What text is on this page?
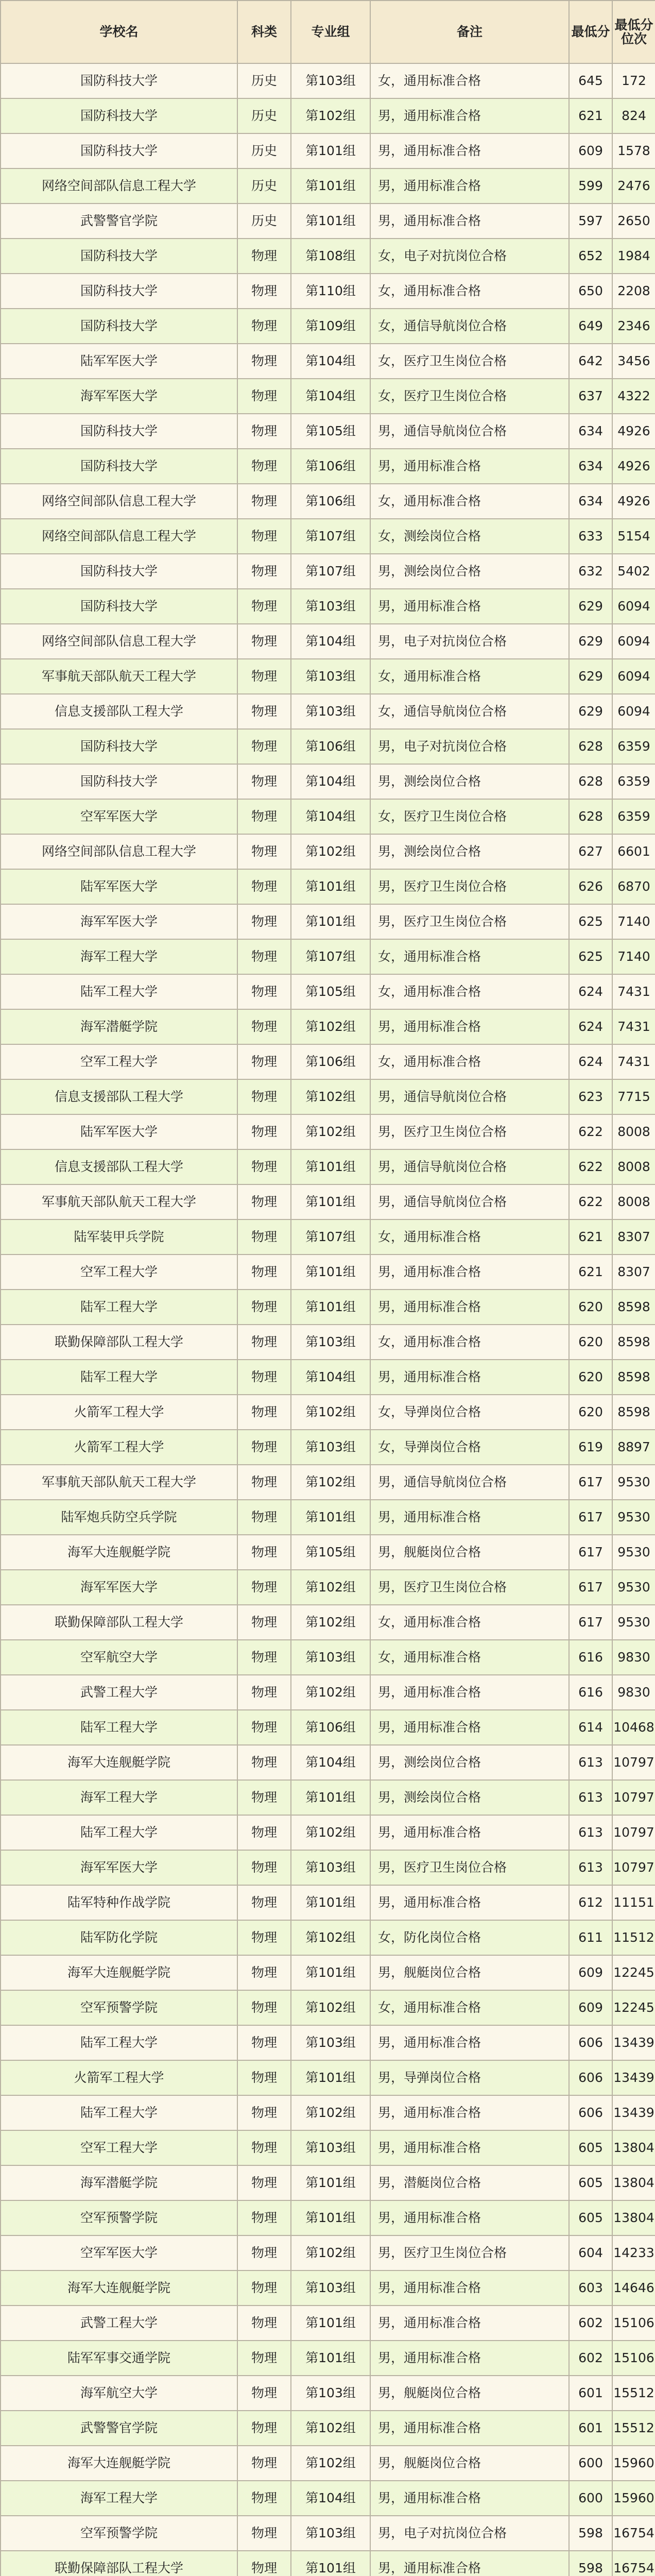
学校名	科类	专业组	备注	最低分	最低分位次
国防科技大学	历史	第103组	女，通用标准合格	645	172
国防科技大学	历史	第102组	男，通用标准合格	621	824
国防科技大学	历史	第101组	男，通用标准合格	609	1578
网络空间部队信息工程大学	历史	第101组	男，通用标准合格	599	2476
武警警官学院	历史	第101组	男，通用标准合格	597	2650
国防科技大学	物理	第108组	女，电子对抗岗位合格	652	1984
国防科技大学	物理	第110组	女，通用标准合格	650	2208
国防科技大学	物理	第109组	女，通信导航岗位合格	649	2346
陆军军医大学	物理	第104组	女，医疗卫生岗位合格	642	3456
海军军医大学	物理	第104组	女，医疗卫生岗位合格	637	4322
国防科技大学	物理	第105组	男，通信导航岗位合格	634	4926
国防科技大学	物理	第106组	男，通用标准合格	634	4926
网络空间部队信息工程大学	物理	第106组	女，通用标准合格	634	4926
网络空间部队信息工程大学	物理	第107组	女，测绘岗位合格	633	5154
国防科技大学	物理	第107组	男，测绘岗位合格	632	5402
国防科技大学	物理	第103组	男，通用标准合格	629	6094
网络空间部队信息工程大学	物理	第104组	男，电子对抗岗位合格	629	6094
军事航天部队航天工程大学	物理	第103组	女，通用标准合格	629	6094
信息支援部队工程大学	物理	第103组	女，通信导航岗位合格	629	6094
国防科技大学	物理	第106组	男，电子对抗岗位合格	628	6359
国防科技大学	物理	第104组	男，测绘岗位合格	628	6359
空军军医大学	物理	第104组	女，医疗卫生岗位合格	628	6359
网络空间部队信息工程大学	物理	第102组	男，测绘岗位合格	627	6601
陆军军医大学	物理	第101组	男，医疗卫生岗位合格	626	6870
海军军医大学	物理	第101组	男，医疗卫生岗位合格	625	7140
海军工程大学	物理	第107组	女，通用标准合格	625	7140
陆军工程大学	物理	第105组	女，通用标准合格	624	7431
海军潜艇学院	物理	第102组	男，通用标准合格	624	7431
空军工程大学	物理	第106组	女，通用标准合格	624	7431
信息支援部队工程大学	物理	第102组	男，通信导航岗位合格	623	7715
陆军军医大学	物理	第102组	男，医疗卫生岗位合格	622	8008
信息支援部队工程大学	物理	第101组	男，通信导航岗位合格	622	8008
军事航天部队航天工程大学	物理	第101组	男，通信导航岗位合格	622	8008
陆军装甲兵学院	物理	第107组	女，通用标准合格	621	8307
空军工程大学	物理	第101组	男，通用标准合格	621	8307
陆军工程大学	物理	第101组	男，通用标准合格	620	8598
联勤保障部队工程大学	物理	第103组	女，通用标准合格	620	8598
陆军工程大学	物理	第104组	男，通用标准合格	620	8598
火箭军工程大学	物理	第102组	女，导弹岗位合格	620	8598
火箭军工程大学	物理	第103组	女，导弹岗位合格	619	8897
军事航天部队航天工程大学	物理	第102组	男，通信导航岗位合格	617	9530
陆军炮兵防空兵学院	物理	第101组	男，通用标准合格	617	9530
海军大连舰艇学院	物理	第105组	男，舰艇岗位合格	617	9530
海军军医大学	物理	第102组	男，医疗卫生岗位合格	617	9530
联勤保障部队工程大学	物理	第102组	女，通用标准合格	617	9530
空军航空大学	物理	第103组	女，通用标准合格	616	9830
武警工程大学	物理	第102组	男，通用标准合格	616	9830
陆军工程大学	物理	第106组	男，通用标准合格	614	10468
海军大连舰艇学院	物理	第104组	男，测绘岗位合格	613	10797
海军工程大学	物理	第101组	男，测绘岗位合格	613	10797
陆军工程大学	物理	第102组	男，通用标准合格	613	10797
海军军医大学	物理	第103组	男，医疗卫生岗位合格	613	10797
陆军特种作战学院	物理	第101组	男，通用标准合格	612	11151
陆军防化学院	物理	第102组	女，防化岗位合格	611	11512
海军大连舰艇学院	物理	第101组	男，舰艇岗位合格	609	12245
空军预警学院	物理	第102组	女，通用标准合格	609	12245
陆军工程大学	物理	第103组	男，通用标准合格	606	13439
火箭军工程大学	物理	第101组	男，导弹岗位合格	606	13439
陆军工程大学	物理	第102组	男，通用标准合格	606	13439
空军工程大学	物理	第103组	男，通用标准合格	605	13804
海军潜艇学院	物理	第101组	男，潜艇岗位合格	605	13804
空军预警学院	物理	第101组	男，通用标准合格	605	13804
空军军医大学	物理	第102组	男，医疗卫生岗位合格	604	14233
海军大连舰艇学院	物理	第103组	男，通用标准合格	603	14646
武警工程大学	物理	第101组	男，通用标准合格	602	15106
陆军军事交通学院	物理	第101组	男，通用标准合格	602	15106
海军航空大学	物理	第103组	男，舰艇岗位合格	601	15512
武警警官学院	物理	第102组	男，通用标准合格	601	15512
海军大连舰艇学院	物理	第102组	男，舰艇岗位合格	600	15960
海军工程大学	物理	第104组	男，通用标准合格	600	15960
空军预警学院	物理	第103组	男，电子对抗岗位合格	598	16754
联勤保障部队工程大学	物理	第101组	男，通用标准合格	598	16754
